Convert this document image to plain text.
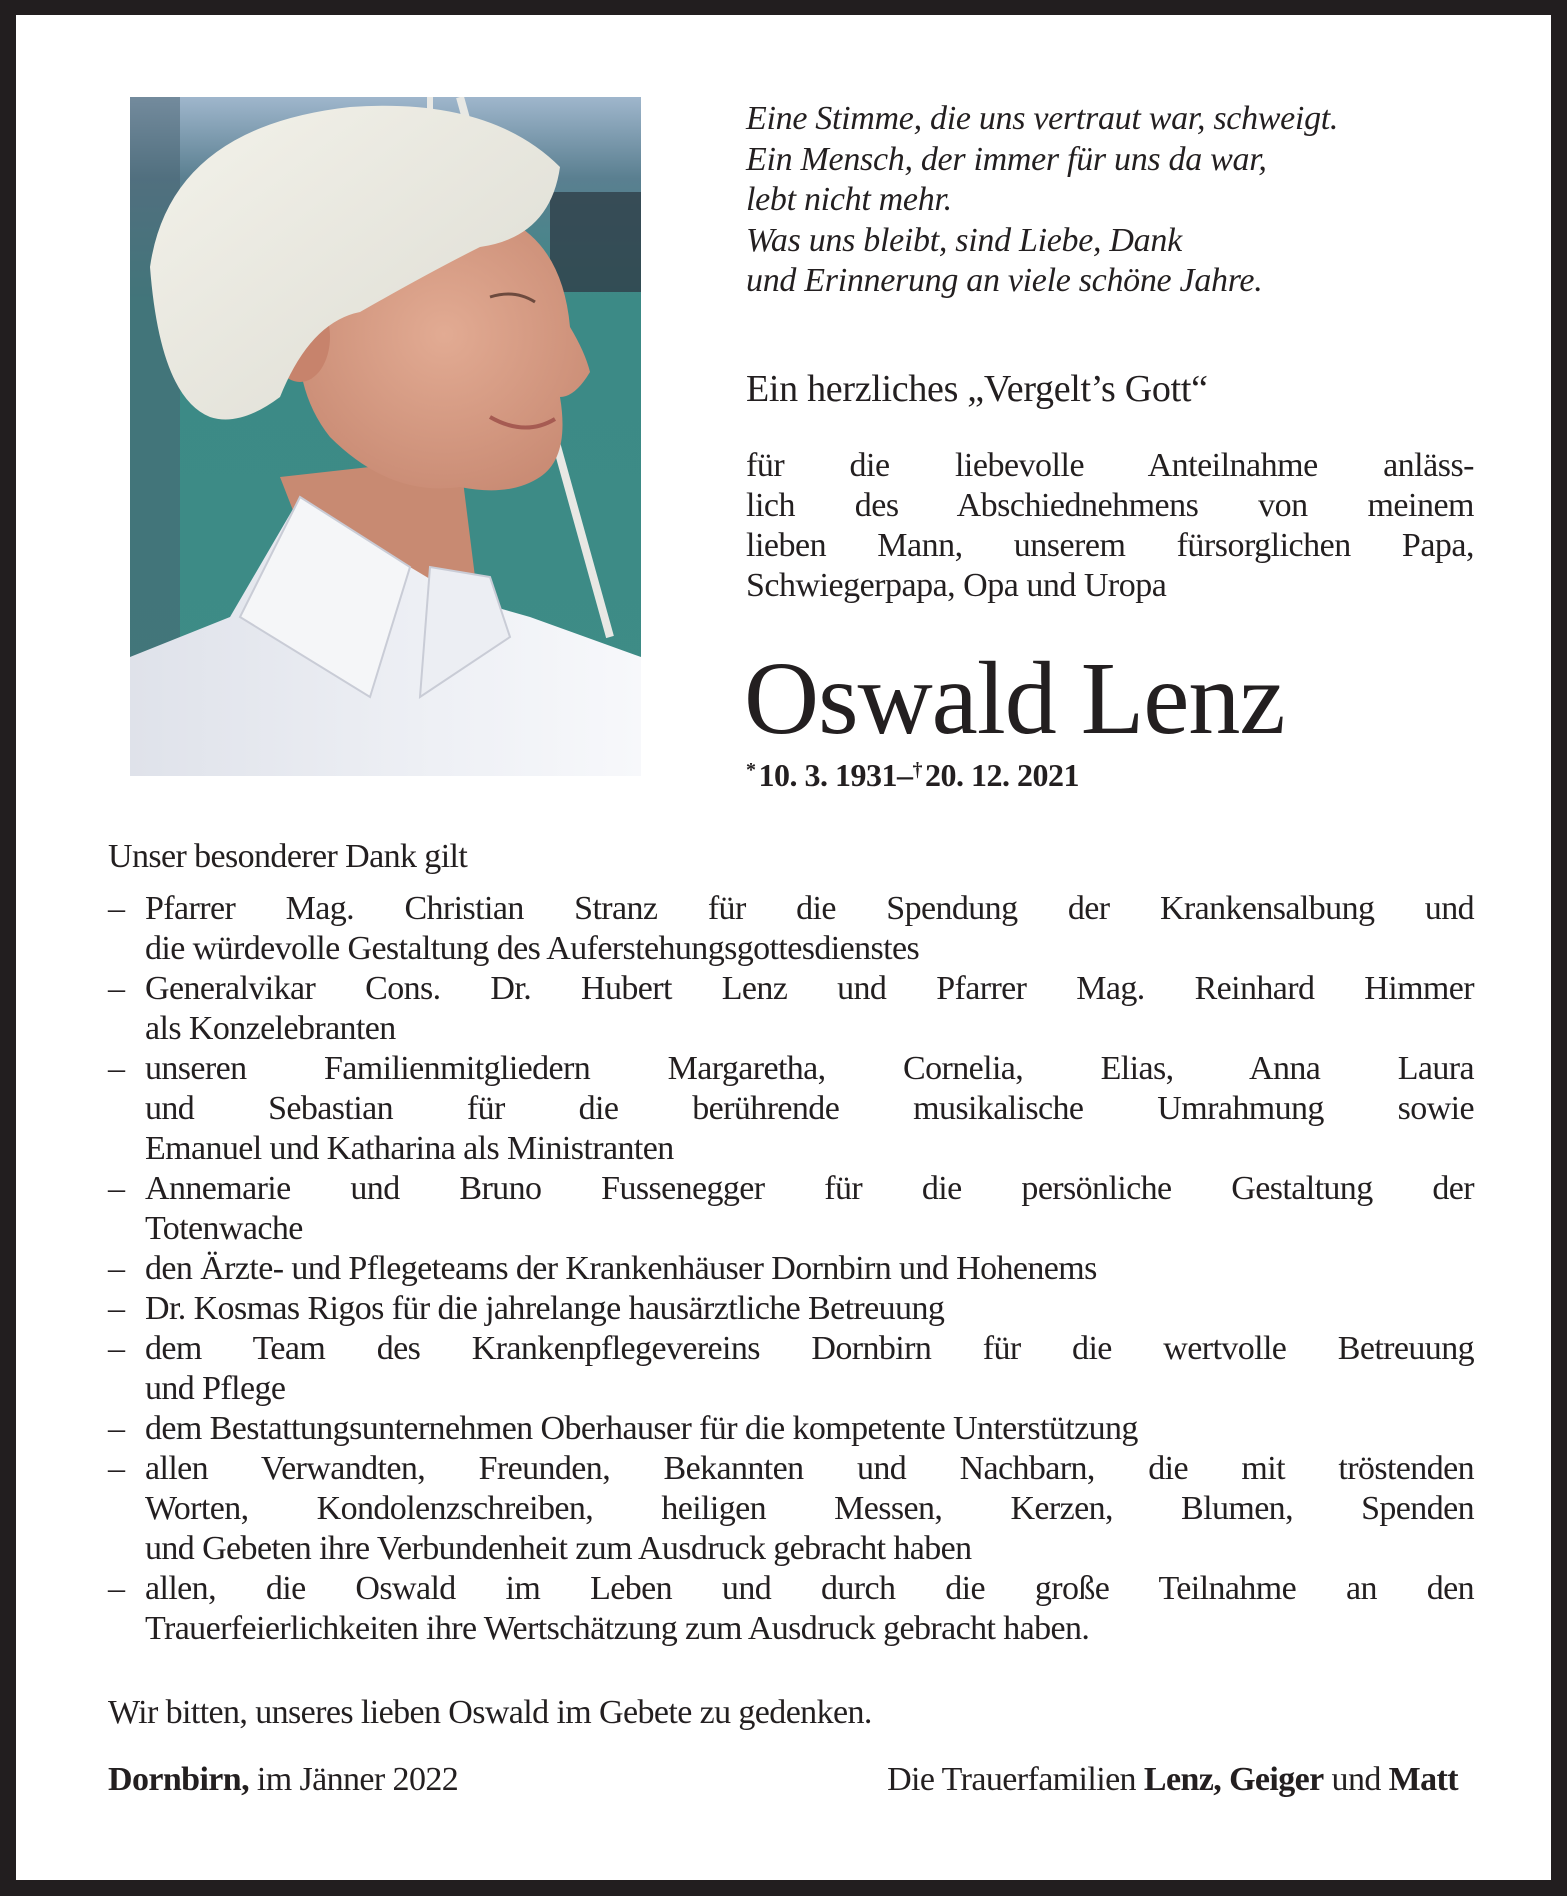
Eine Stimme, die uns vertraut war, schweigt.
Ein Mensch, der immer für uns da war,
lebt nicht mehr.
Was uns bleibt, sind Liebe, Dank
und Erinnerung an viele schöne Jahre.
Ein herzliches „Vergelt’s Gott“
für die liebevolle Anteilnahme anläss-
lich des Abschiednehmens von meinem
lieben Mann, unserem fürsorglichen Papa,
Schwiegerpapa, Opa und Uropa
Oswald Lenz
*10. 3. 1931–†20. 12. 2021
Unser besonderer Dank gilt
– Pfarrer Mag. Christian Stranz für die Spendung der Krankensalbung und
die würdevolle Gestaltung des Auferstehungsgottesdienstes
– Generalvikar Cons. Dr. Hubert Lenz und Pfarrer Mag. Reinhard Himmer
als Konzelebranten
– unseren Familienmitgliedern Margaretha, Cornelia, Elias, Anna Laura
und Sebastian für die berührende musikalische Umrahmung sowie
Emanuel und Katharina als Ministranten
– Annemarie und Bruno Fussenegger für die persönliche Gestaltung der
Totenwache
– den Ärzte- und Pflegeteams der Krankenhäuser Dornbirn und Hohenems
– Dr. Kosmas Rigos für die jahrelange hausärztliche Betreuung
– dem Team des Krankenpflegevereins Dornbirn für die wertvolle Betreuung
und Pflege
– dem Bestattungsunternehmen Oberhauser für die kompetente Unterstützung
– allen Verwandten, Freunden, Bekannten und Nachbarn, die mit tröstenden
Worten, Kondolenzschreiben, heiligen Messen, Kerzen, Blumen, Spenden
und Gebeten ihre Verbundenheit zum Ausdruck gebracht haben
– allen, die Oswald im Leben und durch die große Teilnahme an den
Trauerfeierlichkeiten ihre Wertschätzung zum Ausdruck gebracht haben.
Wir bitten, unseres lieben Oswald im Gebete zu gedenken.
Dornbirn, im Jänner 2022	Die Trauerfamilien Lenz, Geiger und Matt
